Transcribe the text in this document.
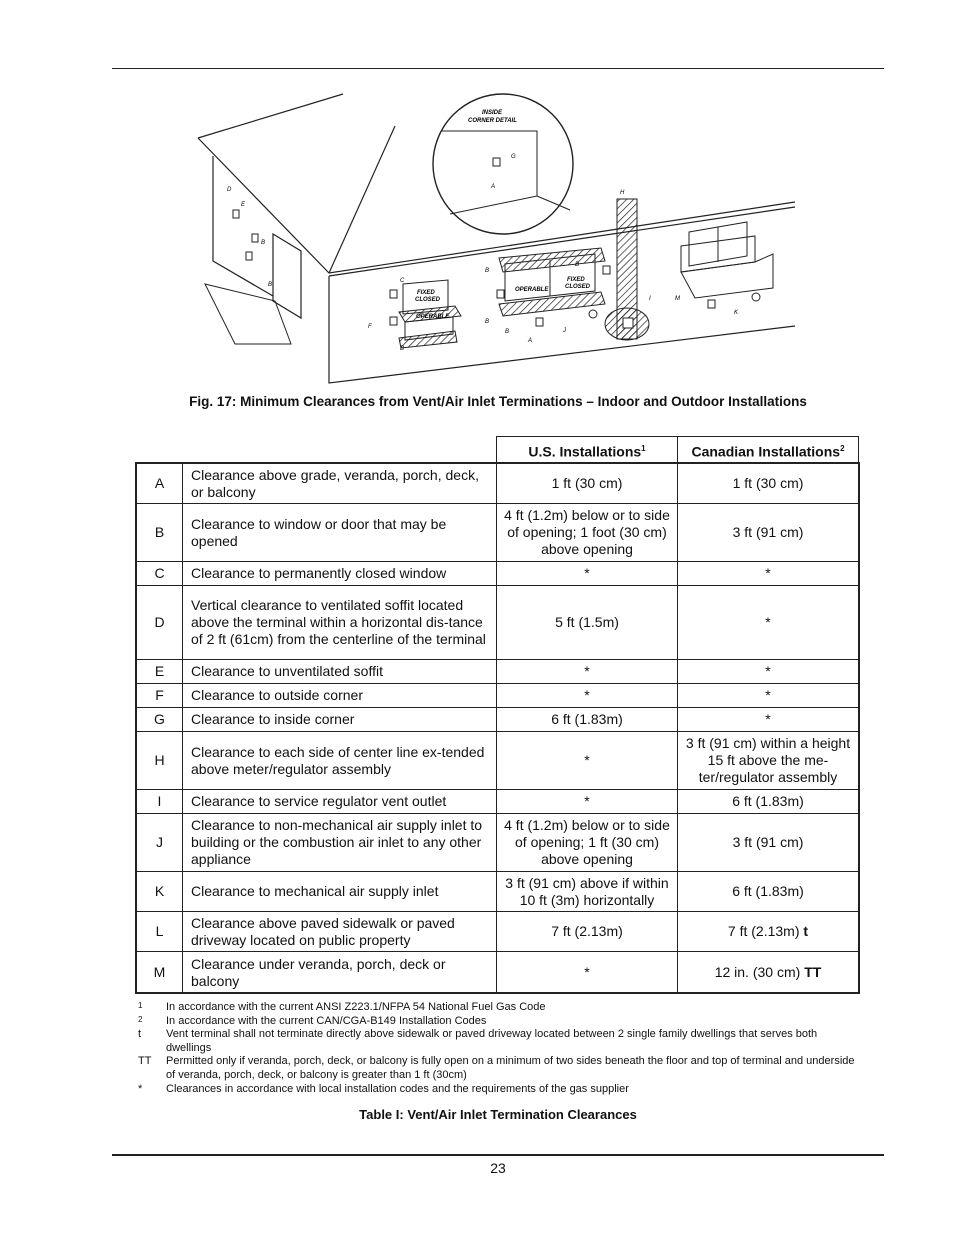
FIXED
CLOSED
OPERABLE
OPERABLE
FIXED
CLOSED
INSIDE
CORNER DETAIL
A
G
H
I
C
F
B
B
B
B
B
A
J
M
K
D
E
B
B
Fig. 17: Minimum Clearances from Vent/Air Inlet Terminations – Indoor and Outdoor Installations
		U.S. Installations$^1$	Canadian Installations$^2$
A	Clearance above grade, veranda, porch, deck, or balcony	1 ft (30 cm)	1 ft (30 cm)
B	Clearance to window or door that may be opened	4 ft (1.2m) below or to side of opening; 1 foot (30 cm) above opening	3 ft (91 cm)
C	Clearance to permanently closed window	*	*
D	Vertical clearance to ventilated soffit located above the terminal within a horizontal dis-tance of 2 ft (61cm) from the centerline of the terminal	5 ft (1.5m)	*
E	Clearance to unventilated soffit	*	*
F	Clearance to outside corner	*	*
G	Clearance to inside corner	6 ft (1.83m)	*
H	Clearance to each side of center line ex-tended above meter/regulator assembly	*	3 ft (91 cm) within a height 15 ft above the me-ter/regulator assembly
I	Clearance to service regulator vent outlet	*	6 ft (1.83m)
J	Clearance to non-mechanical air supply inlet to building or the combustion air inlet to any other appliance	4 ft (1.2m) below or to side of opening; 1 ft (30 cm) above opening	3 ft (91 cm)
K	Clearance to mechanical air supply inlet	3 ft (91 cm) above if within 10 ft (3m) horizontally	6 ft (1.83m)
L	Clearance above paved sidewalk or paved driveway located on public property	7 ft (2.13m)	7 ft (2.13m) t
M	Clearance under veranda, porch, deck or balcony	*	12 in. (30 cm) TT
1	In accordance with the current ANSI Z223.1/NFPA 54 National Fuel Gas Code
2	In accordance with the current CAN/CGA-B149 Installation Codes
t	Vent terminal shall not terminate directly above sidewalk or paved driveway located between 2 single family dwellings that serves both dwellings
TT	Permitted only if veranda, porch, deck, or balcony is fully open on a minimum of two sides beneath the floor and top of terminal and underside of veranda, porch, deck, or balcony is greater than 1 ft (30cm)
*	Clearances in accordance with local installation codes and the requirements of the gas supplier
Table I: Vent/Air Inlet Termination Clearances
23
